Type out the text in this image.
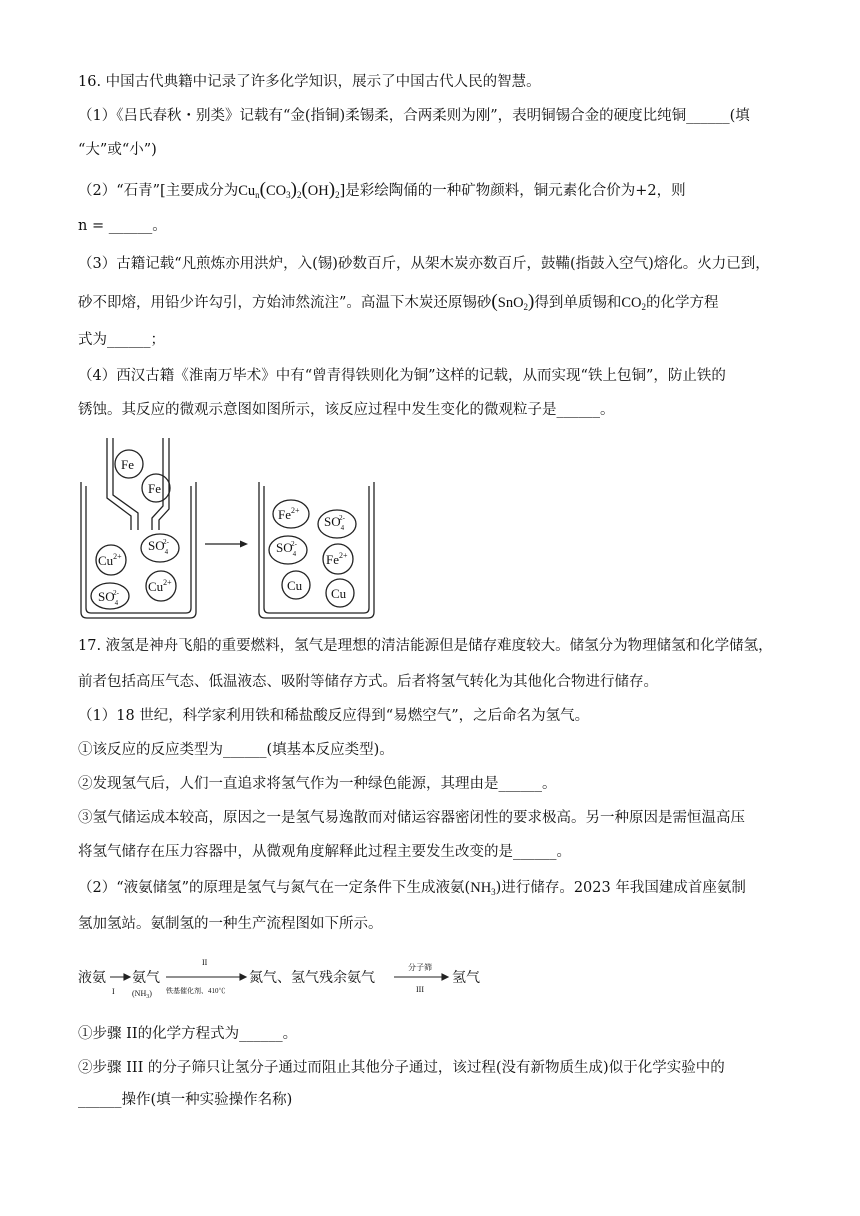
16. 中国古代典籍中记录了许多化学知识，展示了中国古代人民的智慧。
（1）《吕氏春秋・别类》记载有“金(指铜)柔锡柔，合两柔则为刚”，表明铜锡合金的硬度比纯铜______(填
“大”或“小”)
（2）“石青”[主要成分为$Cu_n(CO_3)_2(OH)_2$]是彩绘陶俑的一种矿物颜料，铜元素化合价为+2，则
n = ______。
（3）古籍记载“凡煎炼亦用洪炉，入(锡)砂数百斤，从架木炭亦数百斤，鼓鞴(指鼓入空气)熔化。火力已到，
砂不即熔，用铅少许勾引，方始沛然流注”。高温下木炭还原锡砂(SnO$_2$)得到单质锡和$CO_2$的化学方程
式为______；
（4）西汉古籍《淮南万毕术》中有“曾青得铁则化为铜”这样的记载，从而实现“铁上包铜”，防止铁的
锈蚀。其反应的微观示意图如图所示，该反应过程中发生变化的微观粒子是______。
Fe
Fe
$Cu^{2+}$
$SO_42-$
$SO_42-$ $Cu^{2+}$
$Fe^{2+}$
$SO_42-$
$SO_42-$
$Fe^{2+}$
Cu
Cu
17. 液氢是神舟飞船的重要燃料，氢气是理想的清洁能源但是储存难度较大。储氢分为物理储氢和化学储氢，
前者包括高压气态、低温液态、吸附等储存方式。后者将氢气转化为其他化合物进行储存。
（1）18 世纪，科学家利用铁和稀盐酸反应得到“易燃空气”，之后命名为氢气。
①该反应的反应类型为______(填基本反应类型)。
②发现氢气后，人们一直追求将氢气作为一种绿色能源，其理由是______。
③氢气储运成本较高，原因之一是氢气易逸散而对储运容器密闭性的要求极高。另一种原因是需恒温高压
将氢气储存在压力容器中，从微观角度解释此过程主要发生改变的是______。
（2）“液氨储氢”的原理是氢气与氮气在一定条件下生成液氨$(NH_3)$进行储存。2023 年我国建成首座氨制
氢加氢站。氨制氢的一种生产流程图如下所示。
液氨
I
氨气
$(NH_3)$
II
铁基催化剂、410℃
氮气、氢气残余氨气
分子筛
III
氢气
①步骤 II的化学方程式为______。
②步骤 III 的分子筛只让氢分子通过而阻止其他分子通过，该过程(没有新物质生成)似于化学实验中的
______操作(填一种实验操作名称)
